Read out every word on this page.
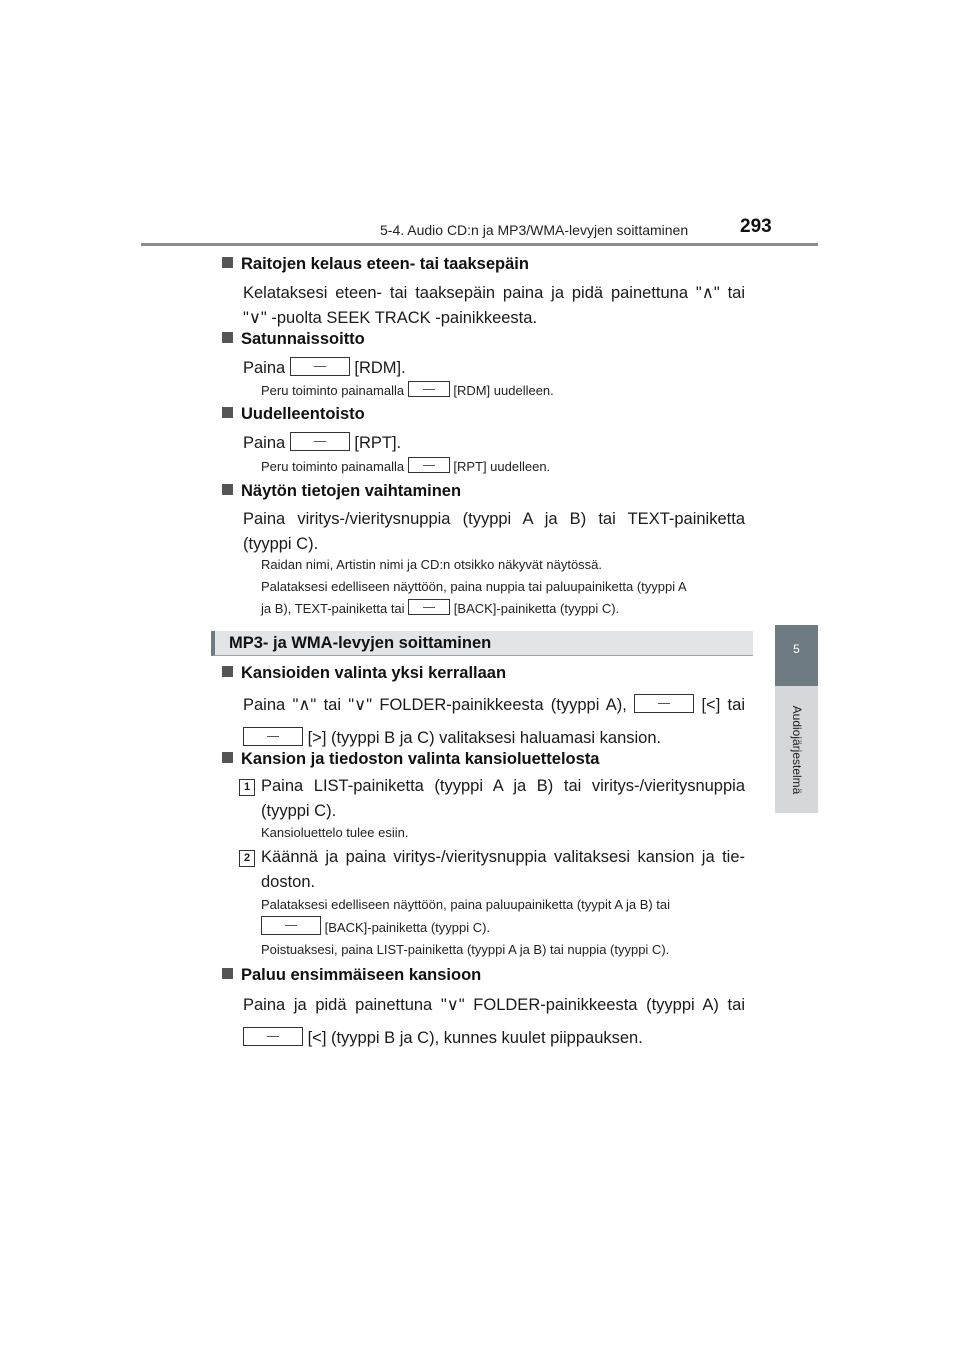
5-4. Audio CD:n ja MP3/WMA-levyjen soittaminen	293
5
Audiojärjestelmä
Raitojen kelaus eteen- tai taaksepäin
Kelataksesi eteen- tai taaksepäin paina ja pidä painettuna "∧" tai
"∨" -puolta SEEK TRACK -painikkeesta.
Satunnaissoitto
Paina	[RDM].
Peru toiminto painamalla	[RDM] uudelleen.
Uudelleentoisto
Paina	[RPT].
Peru toiminto painamalla	[RPT] uudelleen.
Näytön tietojen vaihtaminen
Paina viritys-/vieritysnuppia (tyyppi A ja B) tai TEXT-painiketta
(tyyppi C).
Raidan nimi, Artistin nimi ja CD:n otsikko näkyvät näytössä.
Palataksesi edelliseen näyttöön, paina nuppia tai paluupainiketta (tyyppi A
ja B), TEXT-painiketta tai	[BACK]-painiketta (tyyppi C).
MP3- ja WMA-levyjen soittaminen
Kansioiden valinta yksi kerrallaan
Paina "∧" tai "∨" FOLDER-painikkeesta (tyyppi A),	[<] tai
[>] (tyyppi B ja C) valitaksesi haluamasi kansion.
Kansion ja tiedoston valinta kansioluettelosta
1 Paina LIST-painiketta (tyyppi A ja B) tai viritys-/vieritysnuppia
(tyyppi C).
Kansioluettelo tulee esiin.
2 Käännä ja paina viritys-/vieritysnuppia valitaksesi kansion ja tie-
doston.
Palataksesi edelliseen näyttöön, paina paluupainiketta (tyypit A ja B) tai
[BACK]-painiketta (tyyppi C).
Poistuaksesi, paina LIST-painiketta (tyyppi A ja B) tai nuppia (tyyppi C).
Paluu ensimmäiseen kansioon
Paina ja pidä painettuna "∨" FOLDER-painikkeesta (tyyppi A) tai
[<] (tyyppi B ja C), kunnes kuulet piippauksen.
